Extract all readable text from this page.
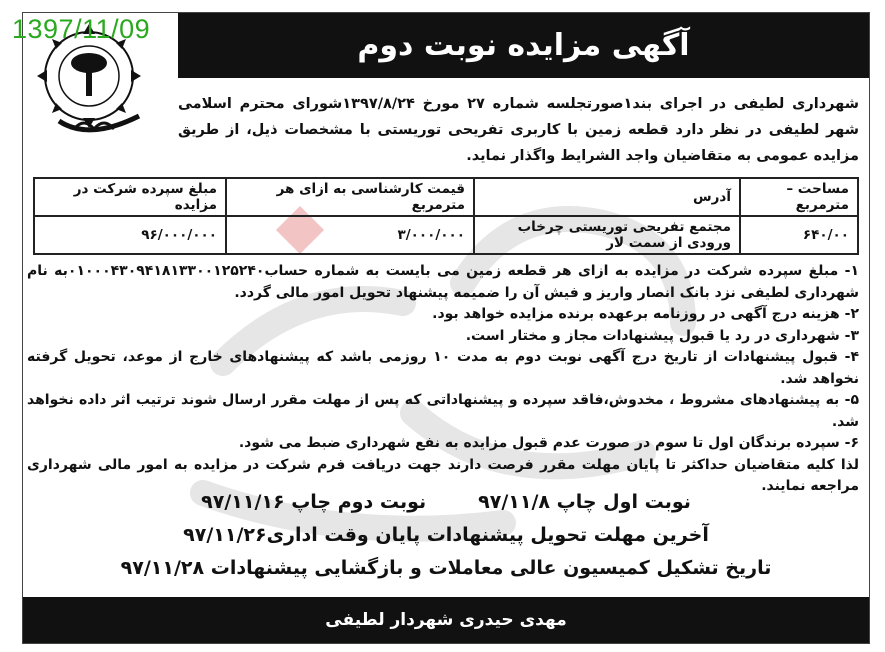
1397/11/09	آگهی مزایده نوبت دوم
شهرداری لطیفی در اجرای بند۱صورتجلسه شماره ۲۷ مورخ ۱۳۹۷/۸/۲۴شورای محترم اسلامی شهر لطیفی در نظر دارد قطعه زمین با کاربری تفریحی توریستی با مشخصات ذیل، از طریق مزایده عمومی به متقاضیان واجد الشرایط واگذار نماید.
مساحت – مترمربع	آدرس	قیمت کارشناسی به ازای هر مترمربع	مبلغ سپرده شرکت در مزایده
۶۴۰/۰۰	مجتمع تفریحی توریستی چرخاب ورودی از سمت لار	۳/۰۰۰/۰۰۰	۹۶/۰۰۰/۰۰۰
۱- مبلغ سپرده شرکت در مزایده به ازای هر قطعه زمین می بایست به شماره حساب۰۱۰۰۰۴۳۰۹۴۱۸۱۳۳۰۰۱۲۵۲۴۰به نام شهرداری لطیفی نزد بانک انصار واریز و فیش آن را ضمیمه پیشنهاد تحویل امور مالی گردد.
۲- هزینه درج آگهی در روزنامه برعهده برنده مزایده خواهد بود.
۳- شهرداری در رد یا قبول پیشنهادات مجاز و مختار است.
۴- قبول پیشنهادات از تاریخ درج آگهی نوبت دوم به مدت ۱۰ روزمی باشد که پیشنهادهای خارج از موعد، تحویل گرفته نخواهد شد.
۵- به پیشنهادهای مشروط ، مخدوش،فاقد سپرده و پیشنهاداتی که پس از مهلت مقرر ارسال شوند ترتیب اثر داده نخواهد شد.
۶- سپرده برندگان اول تا سوم در صورت عدم قبول مزایده به نفع شهرداری ضبط می شود.
لذا کلیه متقاضیان حداکثر تا پایان مهلت مقرر فرصت دارند جهت دریافت فرم شرکت در مزایده به امور مالی شهرداری مراجعه نمایند.
نوبت اول چاپ ۹۷/۱۱/۸
نوبت دوم چاپ ۹۷/۱۱/۱۶
آخرین مهلت تحویل پیشنهادات پایان وقت اداری۹۷/۱۱/۲۶
تاریخ تشکیل کمیسیون عالی معاملات و بازگشایی پیشنهادات ۹۷/۱۱/۲۸
مهدی حیدری شهردار لطیفی
